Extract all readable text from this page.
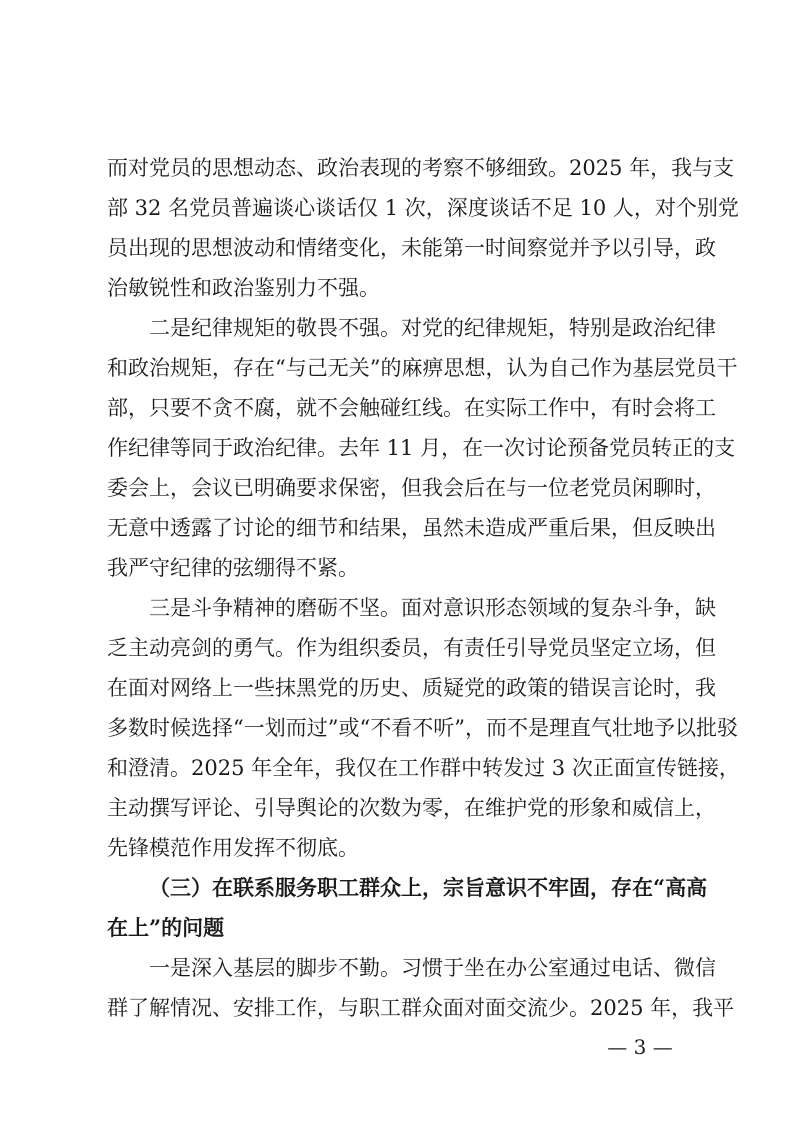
而对党员的思想动态、政治表现的考察不够细致。2025 年，我与支
部 32 名党员普遍谈心谈话仅 1 次，深度谈话不足 10 人，对个别党
员出现的思想波动和情绪变化，未能第一时间察觉并予以引导，政
治敏锐性和政治鉴别力不强。
二是纪律规矩的敬畏不强。对党的纪律规矩，特别是政治纪律
和政治规矩，存在“与己无关”的麻痹思想，认为自己作为基层党员干
部，只要不贪不腐，就不会触碰红线。在实际工作中，有时会将工
作纪律等同于政治纪律。去年 11 月，在一次讨论预备党员转正的支
委会上，会议已明确要求保密，但我会后在与一位老党员闲聊时，
无意中透露了讨论的细节和结果，虽然未造成严重后果，但反映出
我严守纪律的弦绷得不紧。
三是斗争精神的磨砺不坚。面对意识形态领域的复杂斗争，缺
乏主动亮剑的勇气。作为组织委员，有责任引导党员坚定立场，但
在面对网络上一些抹黑党的历史、质疑党的政策的错误言论时，我
多数时候选择“一划而过”或“不看不听”，而不是理直气壮地予以批驳
和澄清。2025 年全年，我仅在工作群中转发过 3 次正面宣传链接，
主动撰写评论、引导舆论的次数为零，在维护党的形象和威信上，
先锋模范作用发挥不彻底。
（三）在联系服务职工群众上，宗旨意识不牢固，存在“高高
在上”的问题
一是深入基层的脚步不勤。习惯于坐在办公室通过电话、微信
群了解情况、安排工作，与职工群众面对面交流少。2025 年，我平
— 3 —
